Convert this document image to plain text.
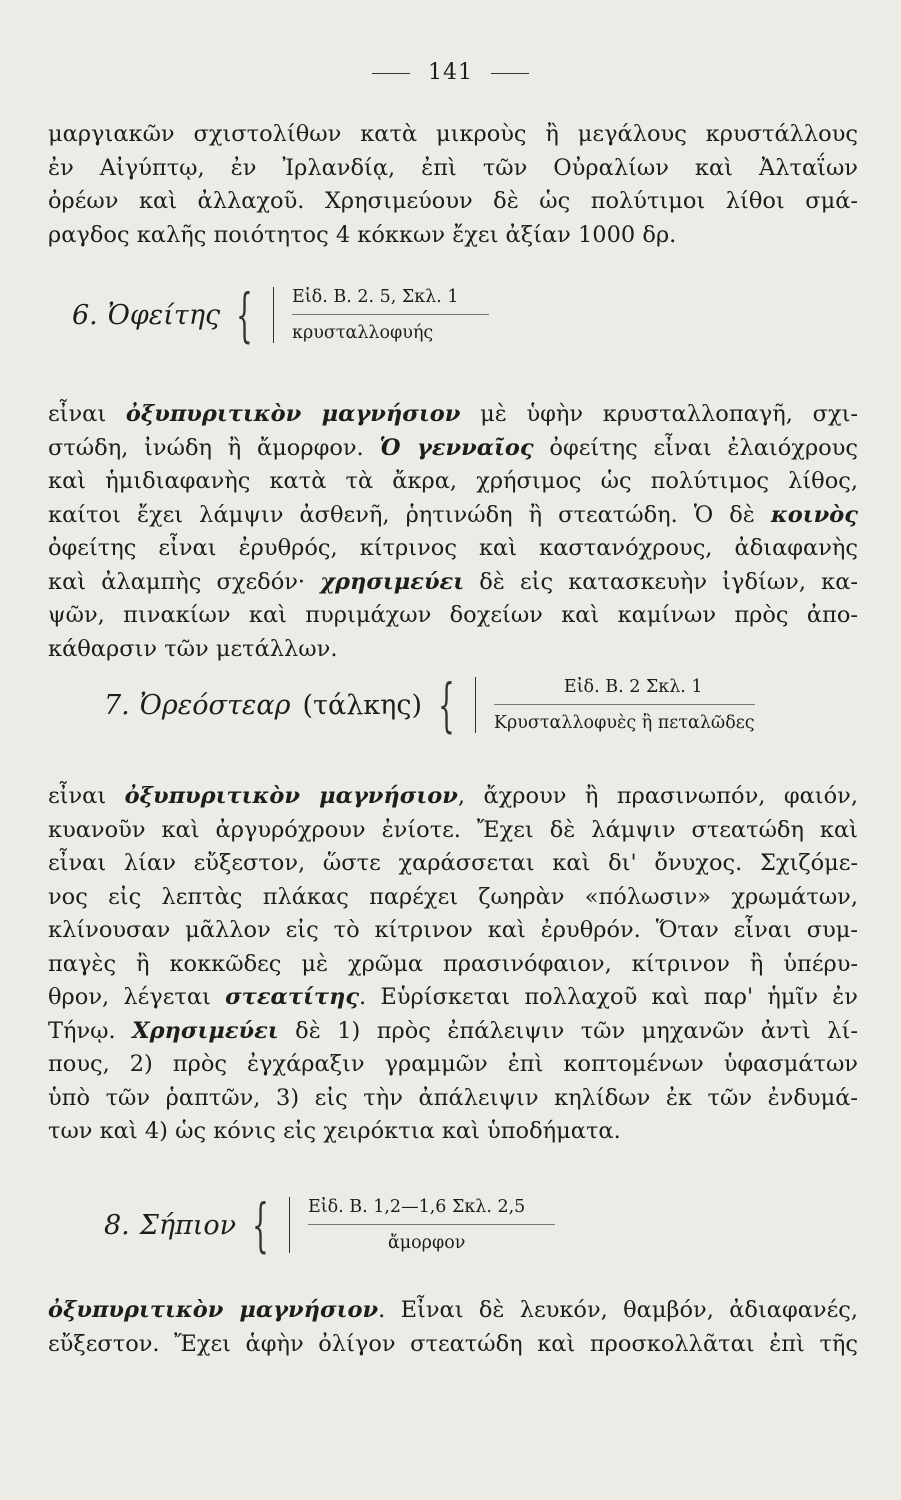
141

μαργιακῶν σχιστολίθων κατὰ μικροὺς ἢ μεγάλους κρυστάλλους
ἐν Αἰγύπτῳ, ἐν Ἰρλανδίᾳ, ἐπὶ τῶν Οὐραλίων καὶ Ἀλταΐων
ὀρέων καὶ ἀλλαχοῦ. Χρησιμεύουν δὲ ὡς πολύτιμοι λίθοι σμά-
ραγδος καλῆς ποιότητος 4 κόκκων ἔχει ἀξίαν 1000 δρ.

6. Ὀφείτης { Εἰδ. Β. 2. 5, Σκλ. 1
κρυσταλλοφυής

εἶναι ὀξυπυριτικὸν μαγνήσιον μὲ ὑφὴν κρυσταλλοπαγῆ, σχι-
στώδη, ἰνώδη ἢ ἄμορφον. Ὁ γενναῖος ὀφείτης εἶναι ἐλαιόχρους
καὶ ἡμιδιαφανὴς κατὰ τὰ ἄκρα, χρήσιμος ὡς πολύτιμος λίθος,
καίτοι ἔχει λάμψιν ἀσθενῆ, ῥητινώδη ἢ στεατώδη. Ὁ δὲ κοινὸς
ὀφείτης εἶναι ἐρυθρός, κίτρινος καὶ καστανόχρους, ἀδιαφανὴς
καὶ ἀλαμπὴς σχεδόν· χρησιμεύει δὲ εἰς κατασκευὴν ἰγδίων, κα-
ψῶν, πινακίων καὶ πυριμάχων δοχείων καὶ καμίνων πρὸς ἀπο-
κάθαρσιν τῶν μετάλλων.

7. Ὀρεόστεαρ (τάλκης) {	Εἰδ. Β. 2 Σκλ. 1
Κρυσταλλοφυὲς ἢ πεταλῶδες

εἶναι ὀξυπυριτικὸν μαγνήσιον, ἄχρουν ἢ πρασινωπόν, φαιόν,
κυανοῦν καὶ ἀργυρόχρουν ἐνίοτε. Ἔχει δὲ λάμψιν στεατώδη καὶ
εἶναι λίαν εὔξεστον, ὥστε χαράσσεται καὶ δι' ὄνυχος. Σχιζόμε-
νος εἰς λεπτὰς πλάκας παρέχει ζωηρὰν «πόλωσιν» χρωμάτων,
κλίνουσαν μᾶλλον εἰς τὸ κίτρινον καὶ ἐρυθρόν. Ὅταν εἶναι συμ-
παγὲς ἢ κοκκῶδες μὲ χρῶμα πρασινόφαιον, κίτρινον ἢ ὑπέρυ-
θρον, λέγεται στεατίτης. Εὑρίσκεται πολλαχοῦ καὶ παρ' ἡμῖν ἐν
Τήνῳ. Χρησιμεύει δὲ 1) πρὸς ἐπάλειψιν τῶν μηχανῶν ἀντὶ λί-
πους, 2) πρὸς ἐγχάραξιν γραμμῶν ἐπὶ κοπτομένων ὑφασμάτων
ὑπὸ τῶν ῥαπτῶν, 3) εἰς τὴν ἀπάλειψιν κηλίδων ἐκ τῶν ἐνδυμά-
των καὶ 4) ὡς κόνις εἰς χειρόκτια καὶ ὑποδήματα.

8. Σήπιον { Εἰδ. Β. 1,2—1,6 Σκλ. 2,5
ἄμορφον

ὀξυπυριτικὸν μαγνήσιον. Εἶναι δὲ λευκόν, θαμβόν, ἀδιαφανές,
εὔξεστον. Ἔχει ἁφὴν ὀλίγον στεατώδη καὶ προσκολλᾶται ἐπὶ τῆς
